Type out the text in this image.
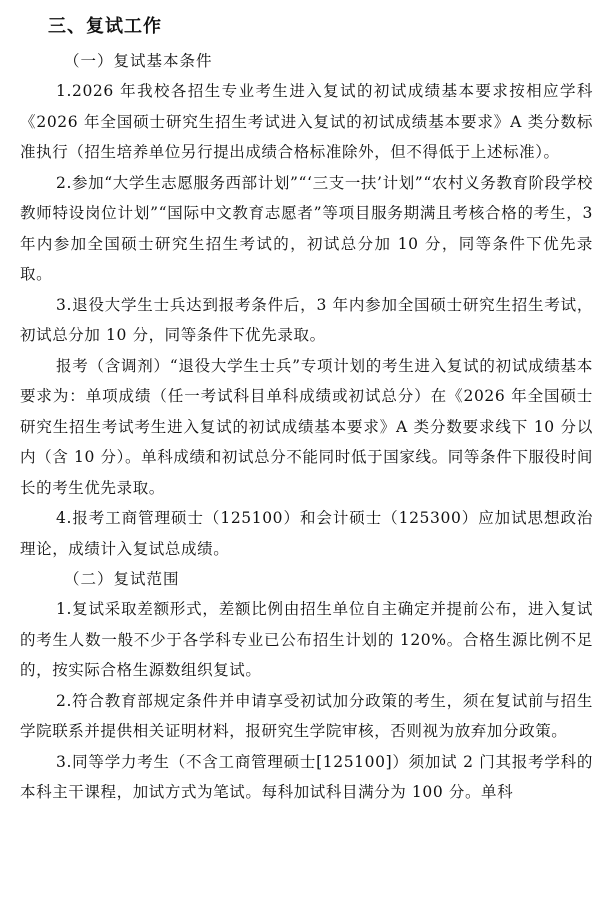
三、复试工作
（一）复试基本条件

1.2026 年我校各招生专业考生进入复试的初试成绩基本要求按相应学科《2026 年全国硕士研究生招生考试进入复试的初试成绩基本要求》A 类分数标准执行（招生培养单位另行提出成绩合格标准除外，但不得低于上述标准）。

2.参加“大学生志愿服务西部计划”“‘三支一扶’计划”“农村义务教育阶段学校教师特设岗位计划”“国际中文教育志愿者”等项目服务期满且考核合格的考生，3 年内参加全国硕士研究生招生考试的，初试总分加 10 分，同等条件下优先录取。

3.退役大学生士兵达到报考条件后，3 年内参加全国硕士研究生招生考试，初试总分加 10 分，同等条件下优先录取。

报考（含调剂）“退役大学生士兵”专项计划的考生进入复试的初试成绩基本要求为：单项成绩（任一考试科目单科成绩或初试总分）在《2026 年全国硕士研究生招生考试考生进入复试的初试成绩基本要求》A 类分数要求线下 10 分以内（含 10 分）。单科成绩和初试总分不能同时低于国家线。同等条件下服役时间长的考生优先录取。

4.报考工商管理硕士（125100）和会计硕士（125300）应加试思想政治理论，成绩计入复试总成绩。

（二）复试范围

1.复试采取差额形式，差额比例由招生单位自主确定并提前公布，进入复试的考生人数一般不少于各学科专业已公布招生计划的 120%。合格生源比例不足的，按实际合格生源数组织复试。

2.符合教育部规定条件并申请享受初试加分政策的考生，须在复试前与招生学院联系并提供相关证明材料，报研究生学院审核，否则视为放弃加分政策。

3.同等学力考生（不含工商管理硕士[125100]）须加试 2 门其报考学科的本科主干课程，加试方式为笔试。每科加试科目满分为 100 分。单科
